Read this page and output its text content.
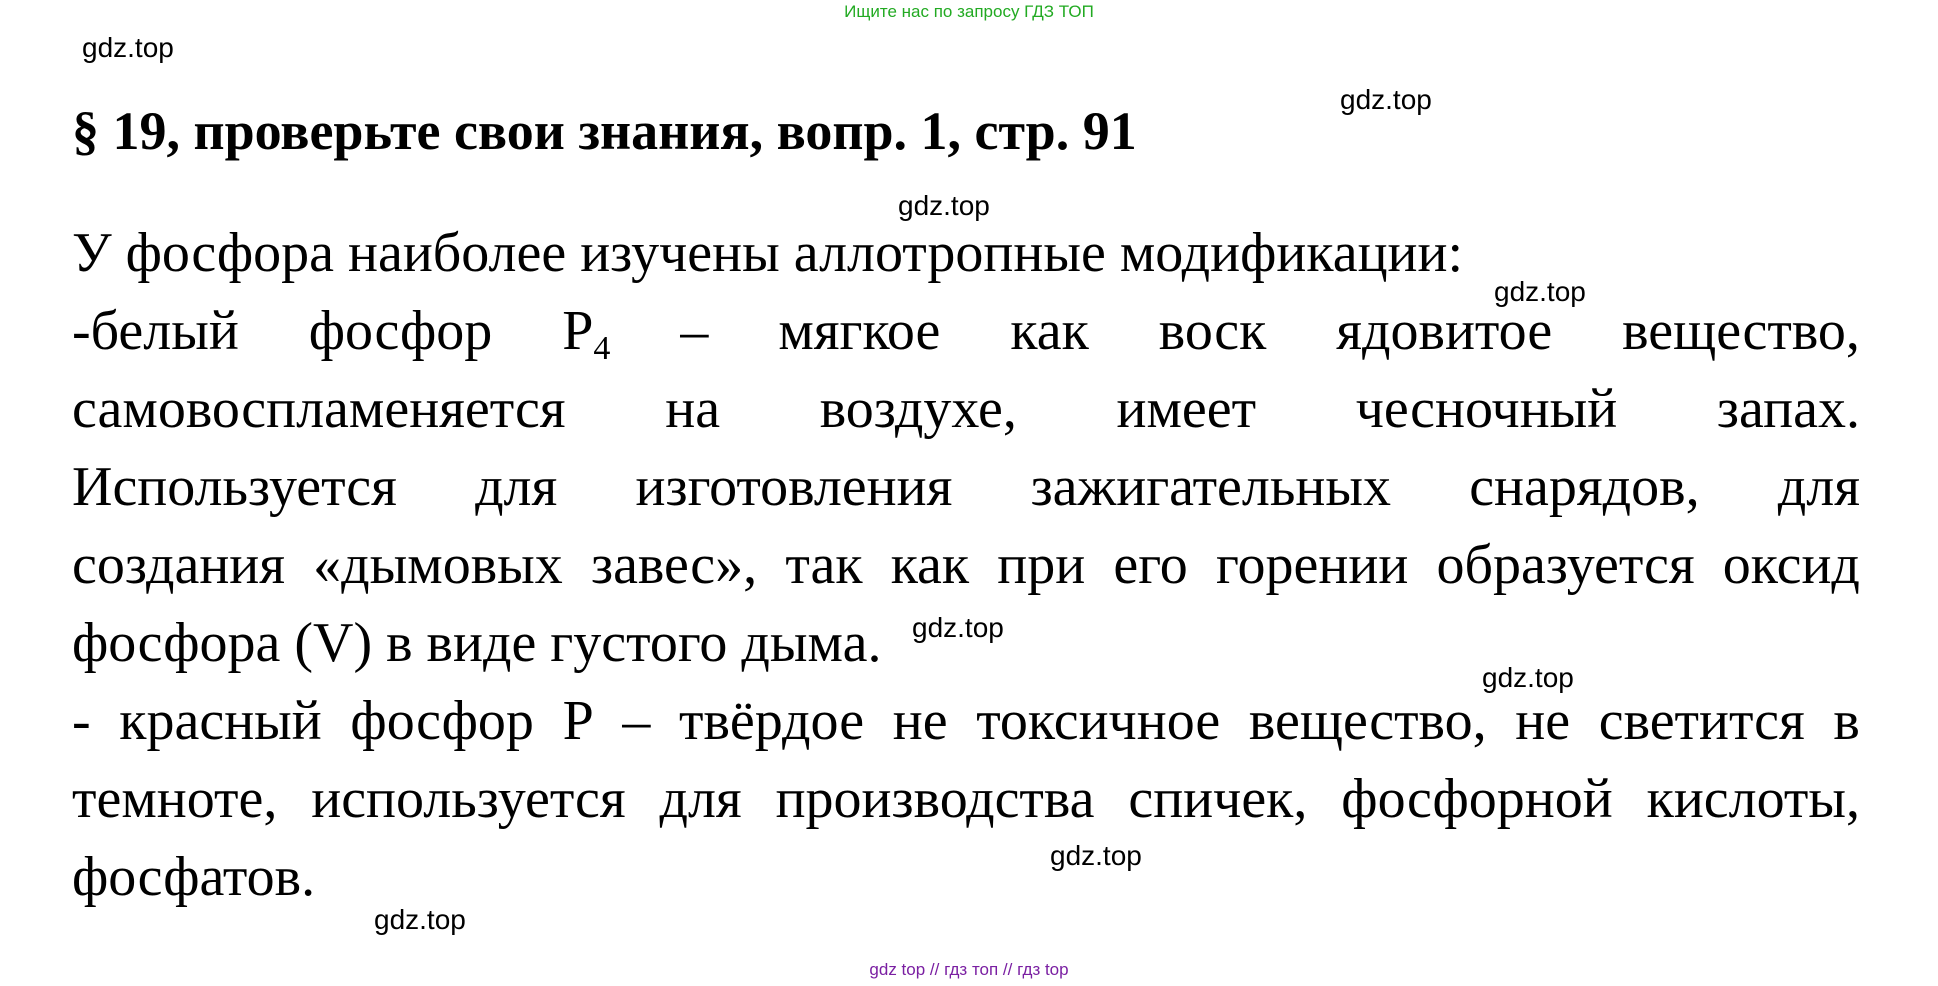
Ищите нас по запросу ГДЗ ТОП
gdz.top
gdz.top
gdz.top
gdz.top
gdz.top
gdz.top
gdz.top
gdz.top
§ 19, проверьте свои знания, вопр. 1, стр. 91
У фосфора наиболее изучены аллотропные модификации:
-белый фосфор $P_4$ – мягкое как воск ядовитое вещество,
самовоспламеняется на воздухе, имеет чесночный запах.
Используется для изготовления зажигательных снарядов, для
создания «дымовых завес», так как при его горении образуется оксид
фосфора (V) в виде густого дыма.
- красный фосфор P – твёрдое не токсичное вещество, не светится в
темноте, используется для производства спичек, фосфорной кислоты,
фосфатов.
gdz top // гдз топ // гдз top
